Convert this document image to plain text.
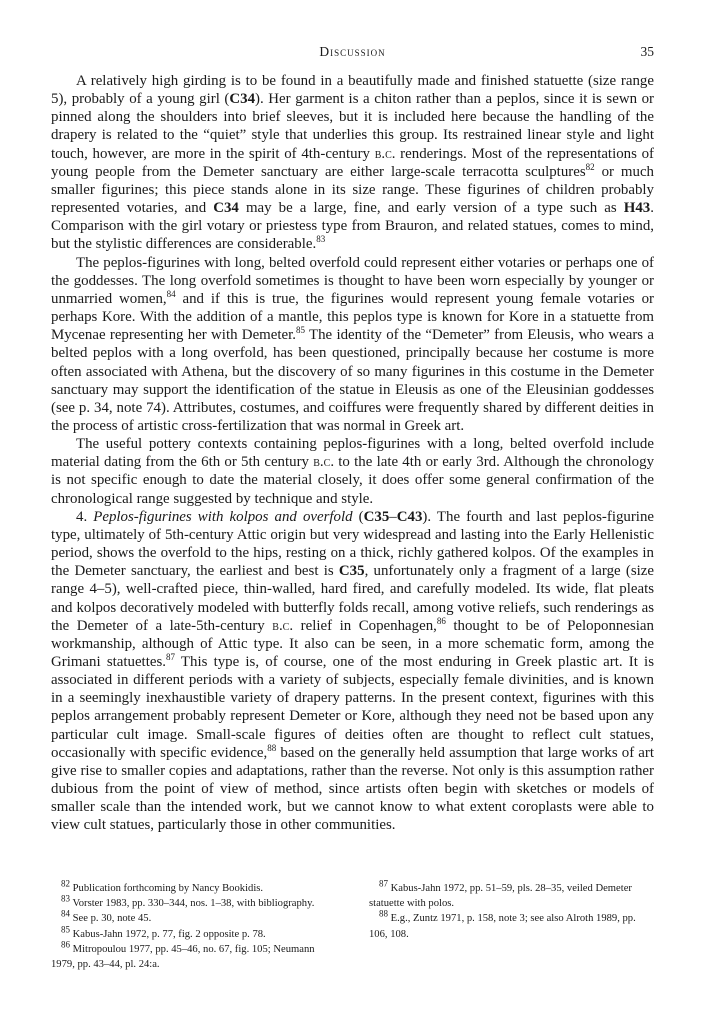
Discussion	35

A relatively high girding is to be found in a beautifully made and finished statuette (size range 5), probably of a young girl (C34). Her garment is a chiton rather than a peplos, since it is sewn or pinned along the shoulders into brief sleeves, but it is included here because the handling of the drapery is related to the “quiet” style that underlies this group. Its restrained linear style and light touch, however, are more in the spirit of 4th-century b.c. renderings. Most of the representations of young people from the Demeter sanctuary are either large-scale terracotta sculptures$^{82}$ or much smaller figurines; this piece stands alone in its size range. These figurines of children probably represented votaries, and C34 may be a large, fine, and early version of a type such as H43. Comparison with the girl votary or priestess type from Brauron, and related statues, comes to mind, but the stylistic differences are considerable.$^{83}$

The peplos-figurines with long, belted overfold could represent either votaries or perhaps one of the goddesses. The long overfold sometimes is thought to have been worn especially by younger or unmarried women,$^{84}$ and if this is true, the figurines would represent young female votaries or perhaps Kore. With the addition of a mantle, this peplos type is known for Kore in a statuette from Mycenae representing her with Demeter.$^{85}$ The identity of the “Demeter” from Eleusis, who wears a belted peplos with a long overfold, has been questioned, principally because her costume is more often associated with Athena, but the discovery of so many figurines in this costume in the Demeter sanctuary may support the identification of the statue in Eleusis as one of the Eleusinian goddesses (see p. 34, note 74). Attributes, costumes, and coiffures were frequently shared by different deities in the process of artistic cross-fertilization that was normal in Greek art.

The useful pottery contexts containing peplos-figurines with a long, belted overfold include material dating from the 6th or 5th century b.c. to the late 4th or early 3rd. Although the chronology is not specific enough to date the material closely, it does offer some general confirmation of the chronological range suggested by technique and style.

4. Peplos-figurines with kolpos and overfold (C35–C43). The fourth and last peplos-figurine type, ultimately of 5th-century Attic origin but very widespread and lasting into the Early Hellenistic period, shows the overfold to the hips, resting on a thick, richly gathered kolpos. Of the examples in the Demeter sanctuary, the earliest and best is C35, unfortunately only a fragment of a large (size range 4–5), well-crafted piece, thin-walled, hard fired, and carefully modeled. Its wide, flat pleats and kolpos decoratively modeled with butterfly folds recall, among votive reliefs, such renderings as the Demeter of a late-5th-century b.c. relief in Copenhagen,$^{86}$ thought to be of Peloponnesian workmanship, although of Attic type. It also can be seen, in a more schematic form, among the Grimani statuettes.$^{87}$ This type is, of course, one of the most enduring in Greek plastic art. It is associated in different periods with a variety of subjects, especially female divinities, and is known in a seemingly inexhaustible variety of drapery patterns. In the present context, figurines with this peplos arrangement probably represent Demeter or Kore, although they need not be based upon any particular cult image. Small-scale figures of deities often are thought to reflect cult statues, occasionally with specific evidence,$^{88}$ based on the generally held assumption that large works of art give rise to smaller copies and adaptations, rather than the reverse. Not only is this assumption rather dubious from the point of view of method, since artists often begin with sketches or models of smaller scale than the intended work, but we cannot know to what extent coroplasts were able to view cult statues, particularly those in other communities.

$^{82}$ Publication forthcoming by Nancy Bookidis.

$^{83}$ Vorster 1983, pp. 330–344, nos. 1–38, with bibliography.

$^{84}$ See p. 30, note 45.

$^{85}$ Kabus-Jahn 1972, p. 77, fig. 2 opposite p. 78.

$^{86}$ Mitropoulou 1977, pp. 45–46, no. 67, fig. 105; Neumann 1979, pp. 43–44, pl. 24:a.

$^{87}$ Kabus-Jahn 1972, pp. 51–59, pls. 28–35, veiled Demeter statuette with polos.

$^{88}$ E.g., Zuntz 1971, p. 158, note 3; see also Alroth 1989, pp. 106, 108.
